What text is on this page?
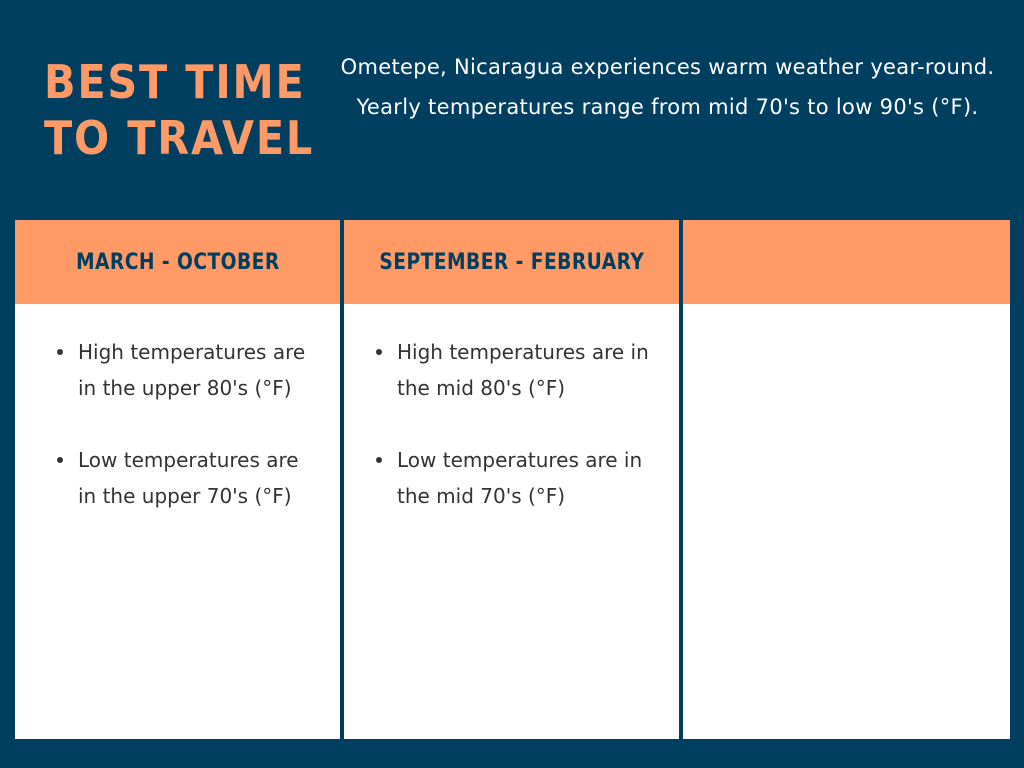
BEST TIME
TO TRAVEL

Ometepe, Nicaragua experiences warm weather year-round. Yearly temperatures range from mid 70's to low 90's (°F).

MARCH - OCTOBER
High temperatures are in the upper 80's (°F)
Low temperatures are in the upper 70's (°F)
SEPTEMBER - FEBRUARY
High temperatures are in the mid 80's (°F)
Low temperatures are in the mid 70's (°F)
